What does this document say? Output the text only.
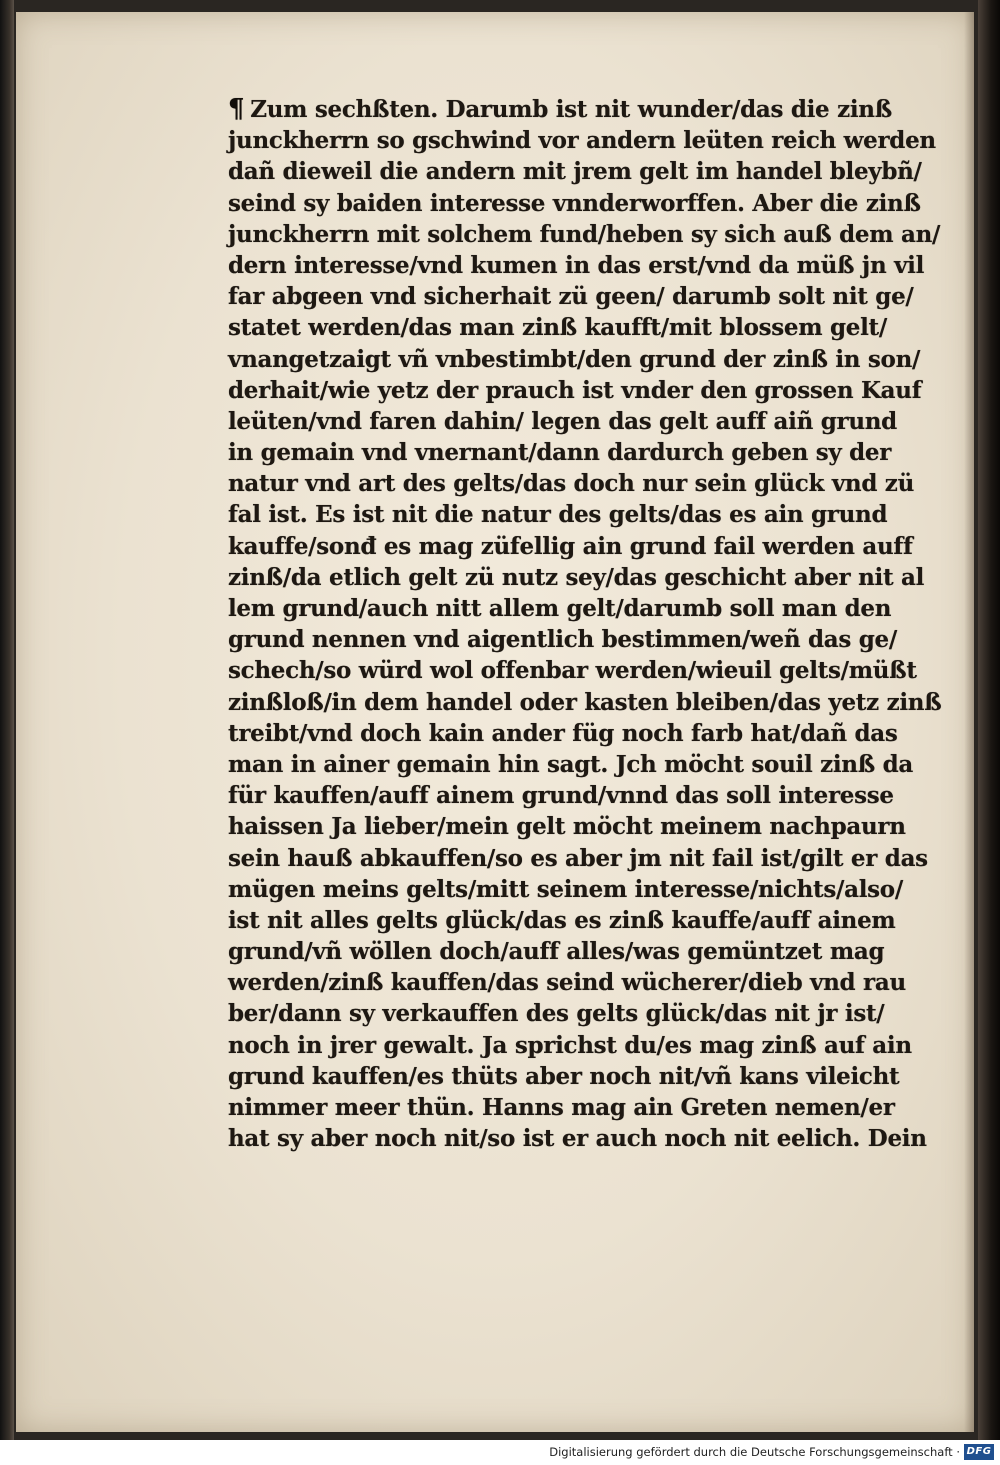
¶ Zum sechßten. Darumb ist nit wunder/das die zinß
junckherrn so gschwind vor andern leüten reich werden
dañ dieweil die andern mit jrem gelt im handel bleybñ/
seind sy baiden interesse vnnderworffen. Aber die zinß
junckherrn mit solchem fund/heben sy sich auß dem an/
dern interesse/vnd kumen in das erst/vnd da müß jn vil
far abgeen vnd sicherhait zü geen/ darumb solt nit ge/
statet werden/das man zinß kaufft/mit blossem gelt/
vnangetzaigt vñ vnbestimbt/den grund der zinß in son/
derhait/wie yetz der prauch ist vnder den grossen Kauf
leüten/vnd faren dahin/ legen das gelt auff aiñ grund
in gemain vnd vnernant/dann dardurch geben sy der
natur vnd art des gelts/das doch nur sein glück vnd zü
fal ist. Es ist nit die natur des gelts/das es ain grund
kauffe/sonđ es mag züfellig ain grund fail werden auff
zinß/da etlich gelt zü nutz sey/das geschicht aber nit al
lem grund/auch nitt allem gelt/darumb soll man den
grund nennen vnd aigentlich bestimmen/weñ das ge/
schech/so würd wol offenbar werden/wieuil gelts/müßt
zinßloß/in dem handel oder kasten bleiben/das yetz zinß
treibt/vnd doch kain ander füg noch farb hat/dañ das
man in ainer gemain hin sagt. Jch möcht souil zinß da
für kauffen/auff ainem grund/vnnd das soll interesse
haissen Ja lieber/mein gelt möcht meinem nachpaurn
sein hauß abkauffen/so es aber jm nit fail ist/gilt er das
mügen meins gelts/mitt seinem interesse/nichts/also/
ist nit alles gelts glück/das es zinß kauffe/auff ainem
grund/vñ wöllen doch/auff alles/was gemüntzet mag
werden/zinß kauffen/das seind wücherer/dieb vnd rau
ber/dann sy verkauffen des gelts glück/das nit jr ist/
noch in jrer gewalt. Ja sprichst du/es mag zinß auf ain
grund kauffen/es thüts aber noch nit/vñ kans vileicht
nimmer meer thün. Hanns mag ain Greten nemen/er
hat sy aber noch nit/so ist er auch noch nit eelich. Dein
Digitalisierung gefördert durch die Deutsche Forschungsgemeinschaft · DFG
